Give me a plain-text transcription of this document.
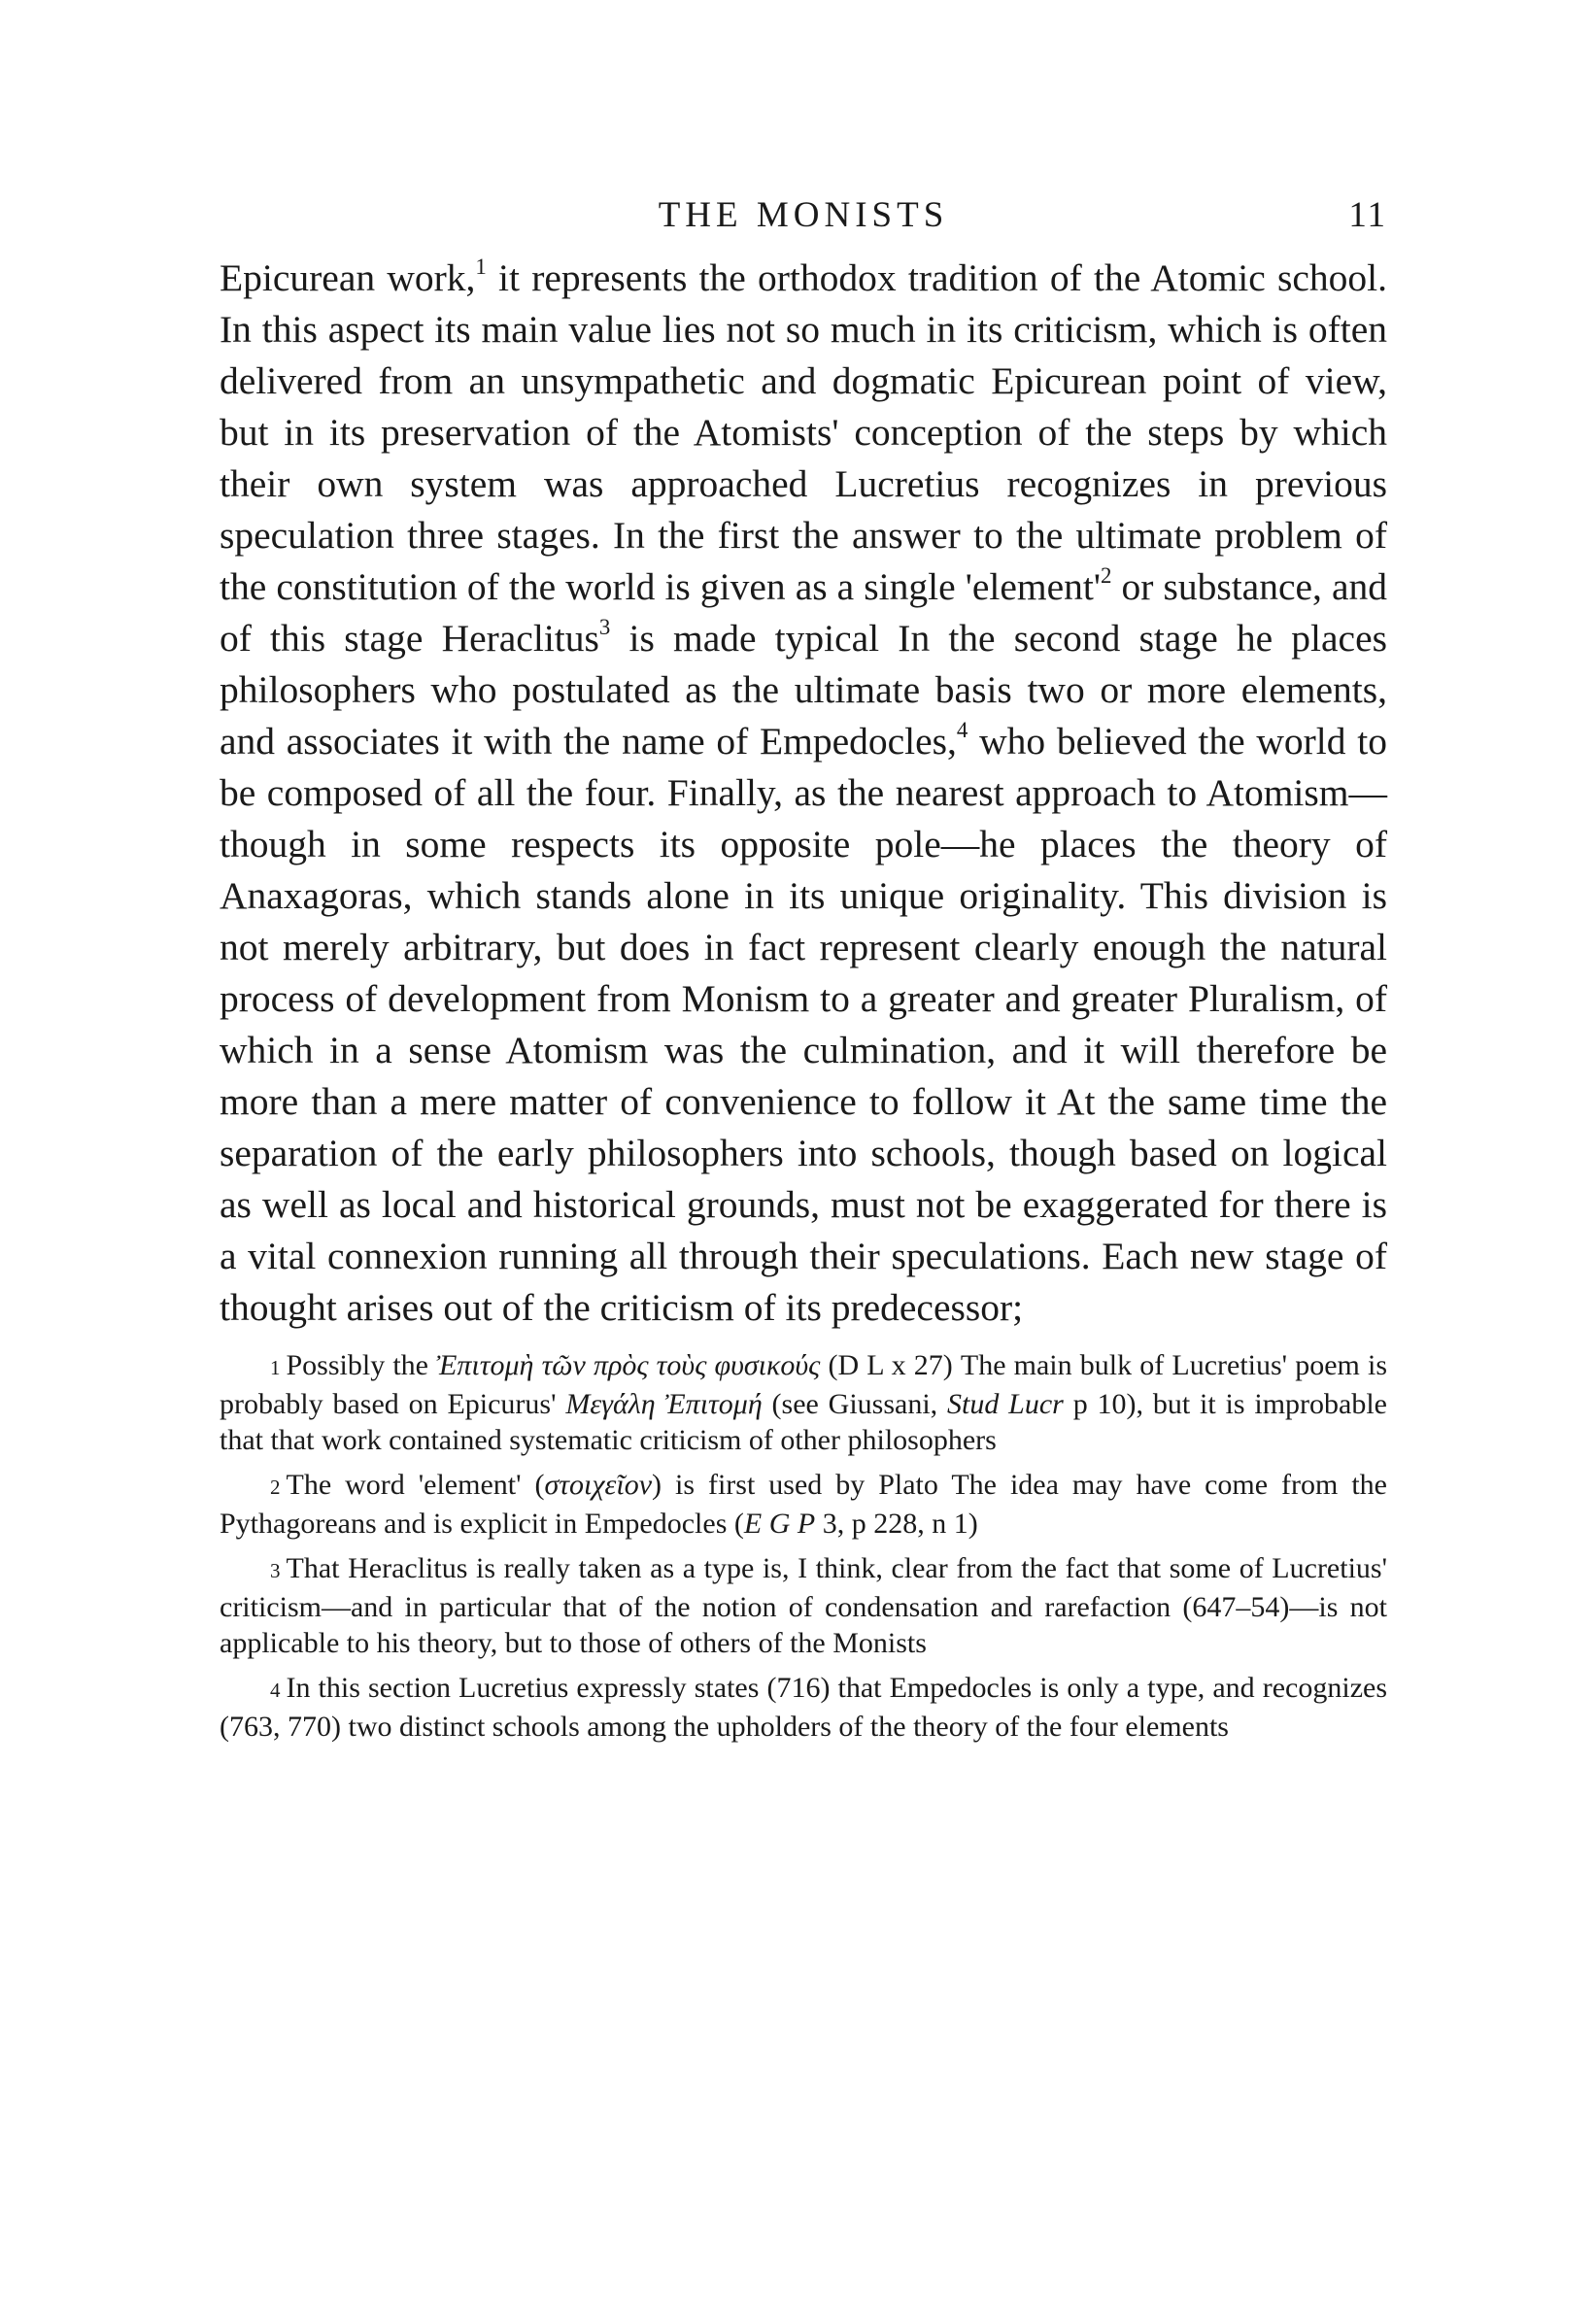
THE MONISTS	11

Epicurean work,$^1$ it represents the orthodox tradition of the Atomic school. In this aspect its main value lies not so much in its criticism, which is often delivered from an unsympathetic and dogmatic Epicurean point of view, but in its preservation of the Atomists' conception of the steps by which their own system was approached Lucretius recognizes in previous speculation three stages. In the first the answer to the ultimate problem of the constitution of the world is given as a single '$element'^2$ or substance, and of this stage Heraclitus$^3$ is made typical In the second stage he places philosophers who postulated as the ultimate basis two or more elements, and associates it with the name of Empedocles,$^4$ who believed the world to be composed of all the four. Finally, as the nearest approach to Atomism—though in some respects its opposite pole—he places the theory of Anaxagoras, which stands alone in its unique originality. This division is not merely arbitrary, but does in fact represent clearly enough the natural process of development from Monism to a greater and greater Pluralism, of which in a sense Atomism was the culmination, and it will therefore be more than a mere matter of convenience to follow it At the same time the separation of the early philosophers into schools, though based on logical as well as local and historical grounds, must not be exaggerated for there is a vital connexion running all through their speculations. Each new stage of thought arises out of the criticism of its predecessor;

1 Possibly the Ἐπιτομὴ τῶν πρὸς τοὺς φυσικούς (D L x 27) The main bulk of Lucretius' poem is probably based on Epicurus' Μεγάλη Ἐπιτομή (see Giussani, Stud Lucr p 10), but it is improbable that that work contained systematic criticism of other philosophers

2 The word 'element' (στοιχεῖον) is first used by Plato The idea may have come from the Pythagoreans and is explicit in Empedocles (E G P 3, p 228, n 1)

3 That Heraclitus is really taken as a type is, I think, clear from the fact that some of Lucretius' criticism—and in particular that of the notion of condensation and rarefaction (647–54)—is not applicable to his theory, but to those of others of the Monists

4 In this section Lucretius expressly states (716) that Empedocles is only a type, and recognizes (763, 770) two distinct schools among the upholders of the theory of the four elements
